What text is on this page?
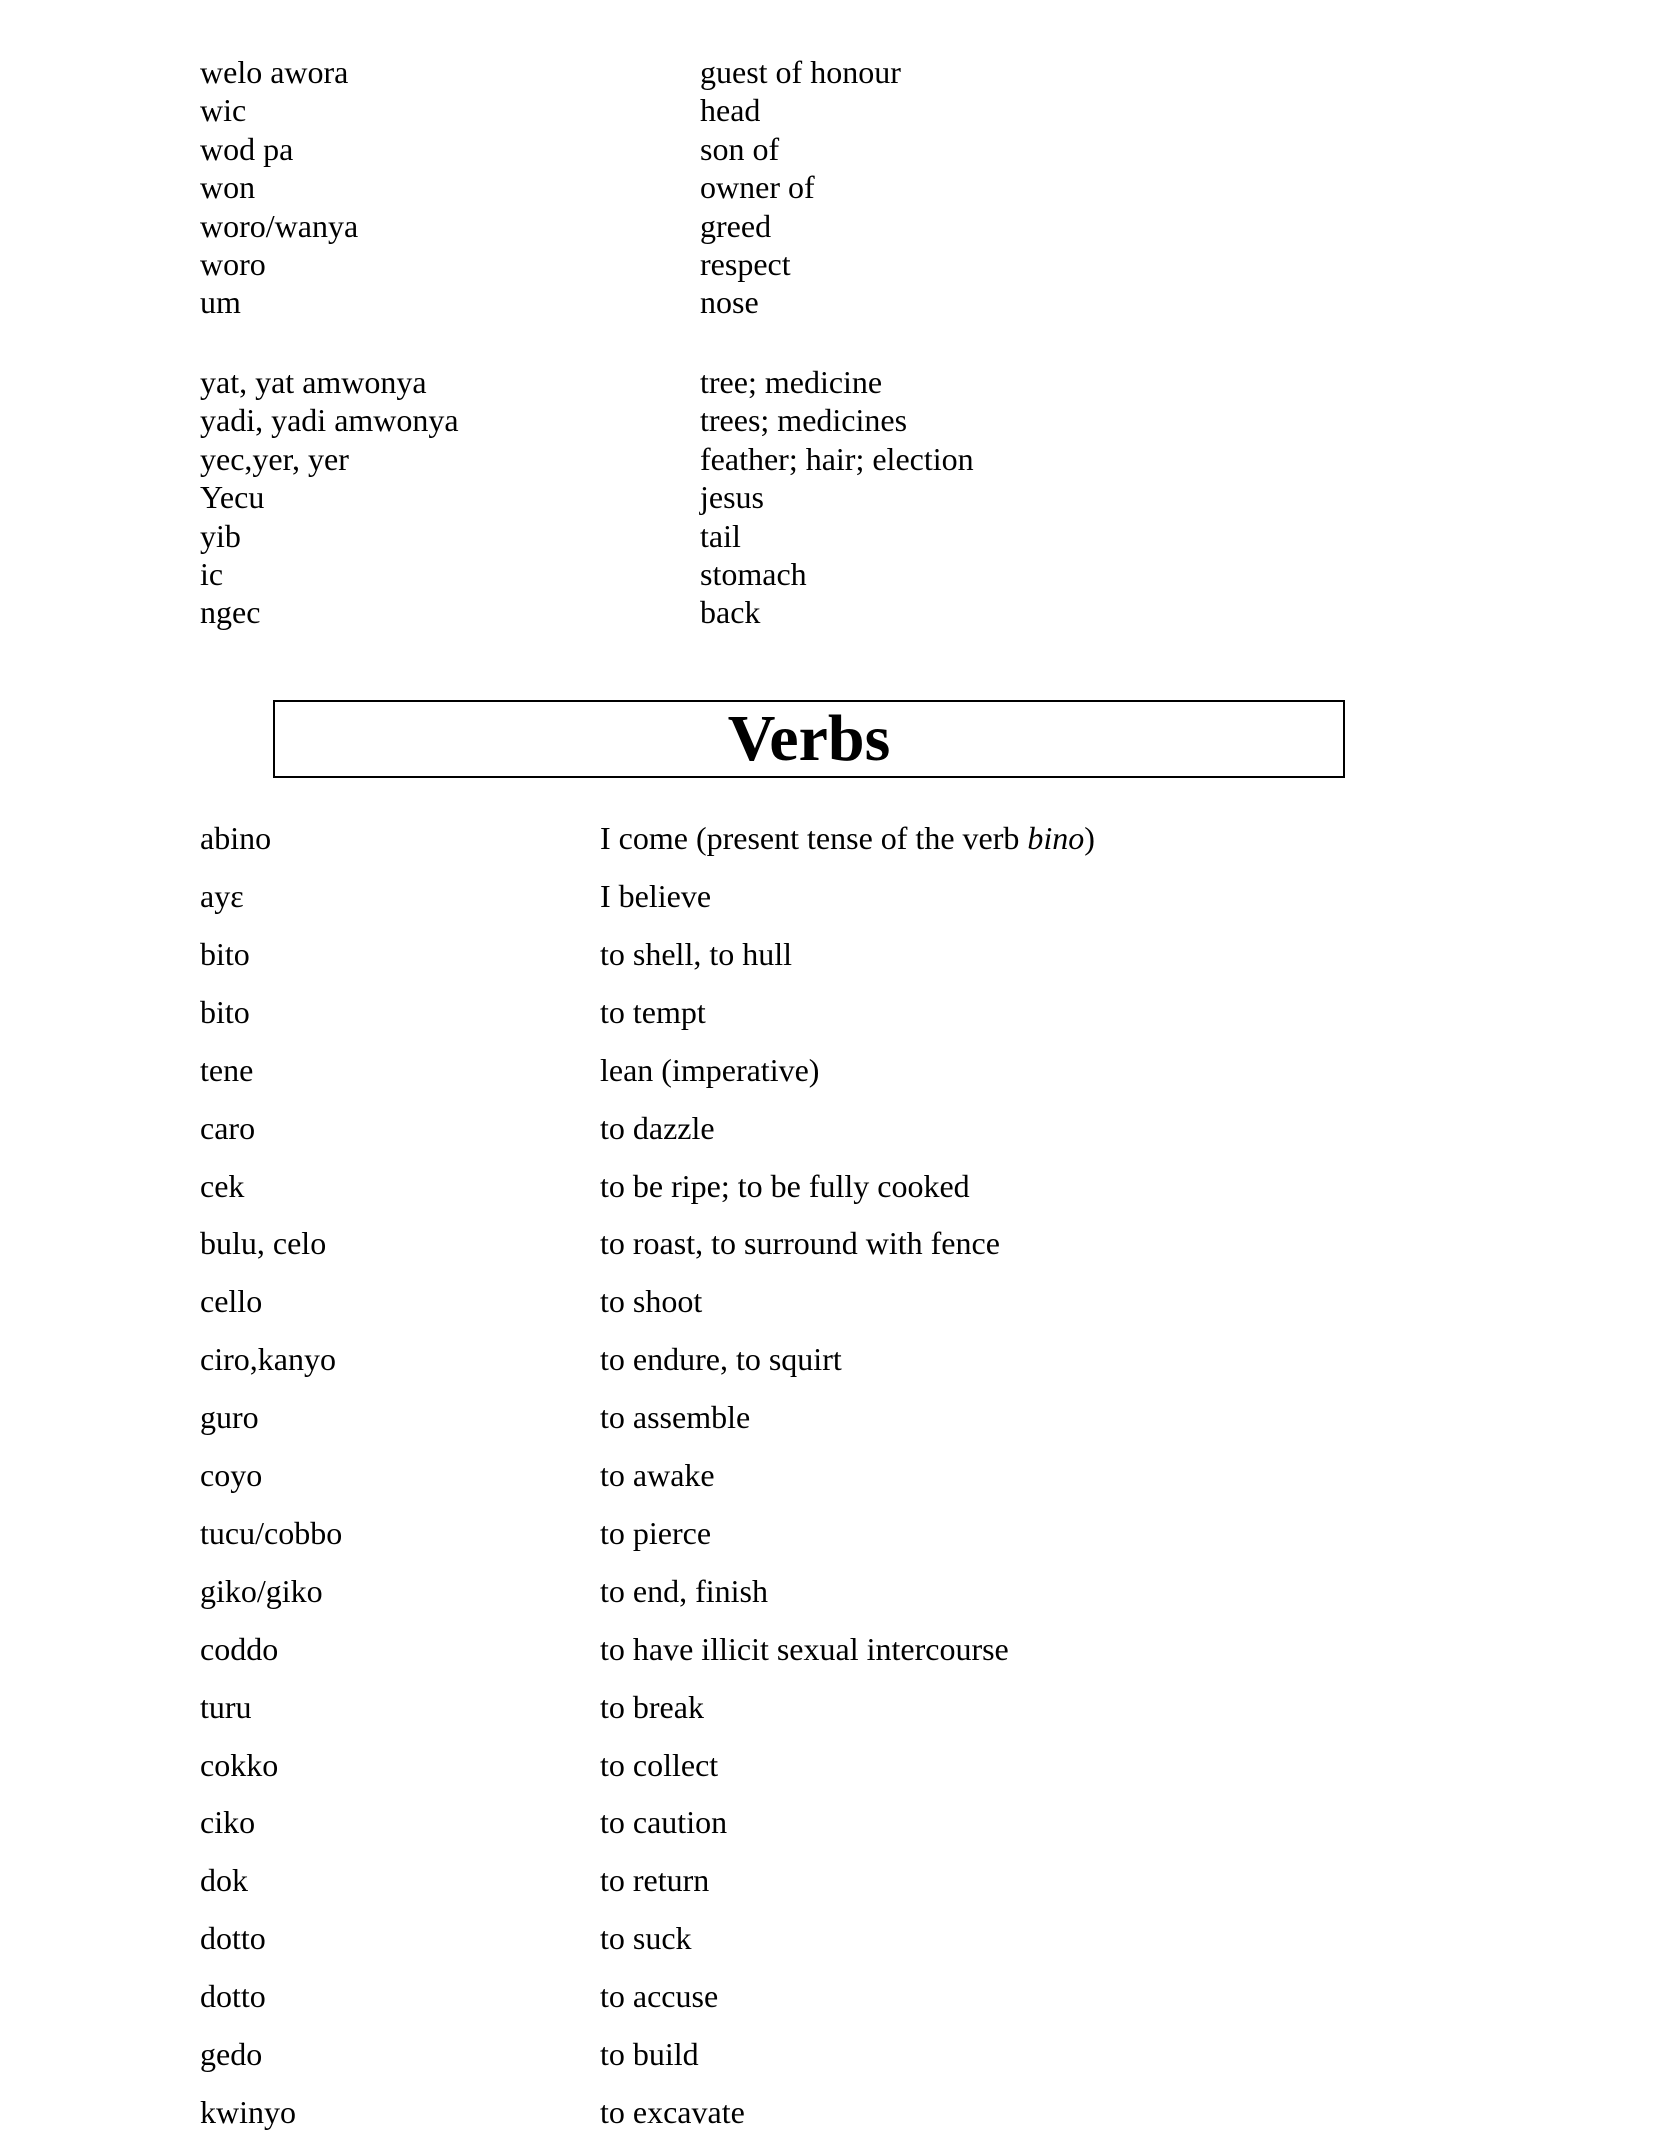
welo awora	guest of honour
wic	head
wod pa	son of
won	owner of
woro/wanya	greed
woro	respect
um	nose
yat, yat amwonya	tree; medicine
yadi, yadi amwonya	trees; medicines
yec,yer, yer	feather; hair; election
Yecu	jesus
yib	tail
ic	stomach
ngec	back
Verbs
abino	I come (present tense of the verb bino)
ayɛ	I believe
bito	to shell, to hull
bito	to tempt
tene	lean (imperative)
caro	to dazzle
cek	to be ripe; to be fully cooked
bulu, celo	to roast, to surround with fence
cello	to shoot
ciro,kanyo	to endure, to squirt
guro	to assemble
coyo	to awake
tucu/cobbo	to pierce
giko/giko	to end, finish
coddo	to have illicit sexual intercourse
turu	to break
cokko	to collect
ciko	to caution
dok	to return
dotto	to suck
dotto	to accuse
gedo	to build
kwinyo	to excavate
